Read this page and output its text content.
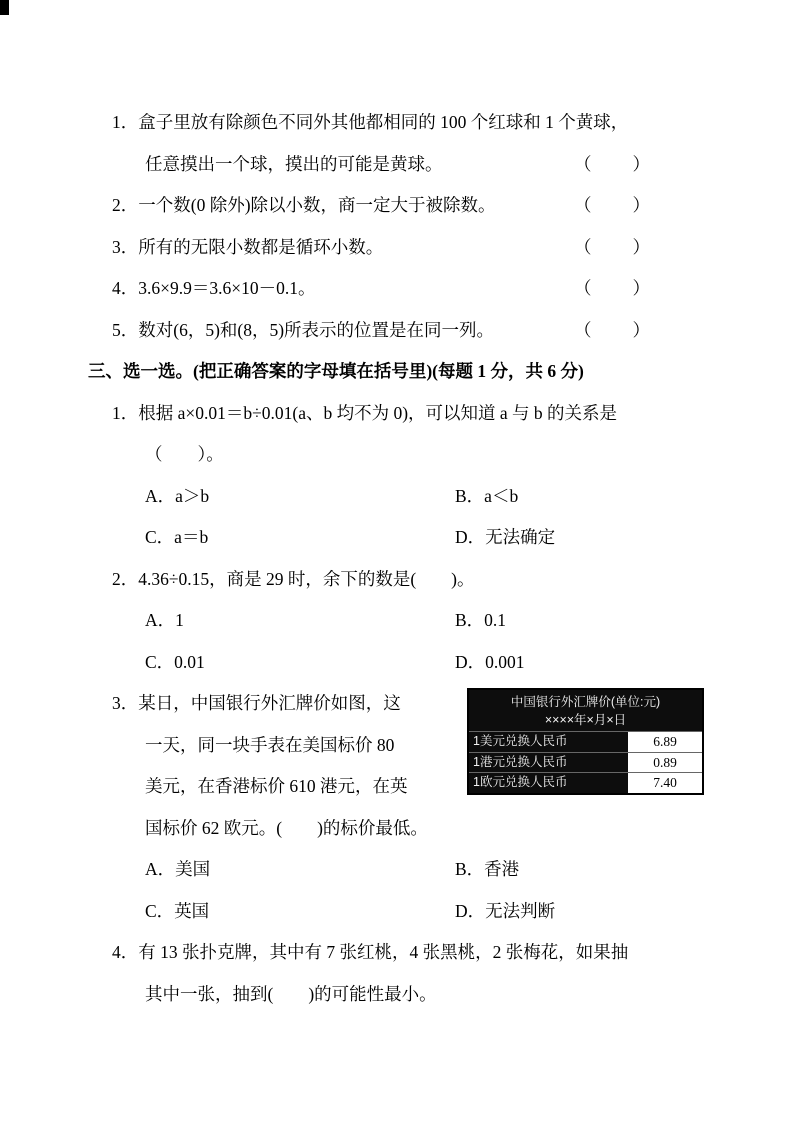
1． 盒子里放有除颜色不同外其他都相同的 100 个红球和 1 个黄球，
任意摸出一个球，摸出的可能是黄球。	（　　）
2． 一个数(0 除外)除以小数，商一定大于被除数。	（　　）
3． 所有的无限小数都是循环小数。	（　　）
4． 3.6×9.9＝3.6×10－0.1。	（　　）
5． 数对(6，5)和(8，5)所表示的位置是在同一列。	（　　）
三、选一选。(把正确答案的字母填在括号里)(每题 1 分，共 6 分)
1． 根据 a×0.01＝b÷0.01(a、b 均不为 0)，可以知道 a 与 b 的关系是
（　　）。
A．a＞b	B．a＜b
C．a＝b	D．无法确定
2． 4.36÷0.15，商是 29 时，余下的数是(　　)。
A．1	B．0.1
C．0.01	D．0.001
3． 某日，中国银行外汇牌价如图，这
一天，同一块手表在美国标价 80
美元，在香港标价 610 港元，在英
国标价 62 欧元。(　　)的标价最低。
中国银行外汇牌价(单位:元)
××××年×月×日
1美元兑换人民币	6.89
1港元兑换人民币	0.89
1欧元兑换人民币	7.40
A．美国	B．香港
C．英国	D．无法判断
4． 有 13 张扑克牌，其中有 7 张红桃，4 张黑桃，2 张梅花，如果抽
其中一张，抽到(　　)的可能性最小。
